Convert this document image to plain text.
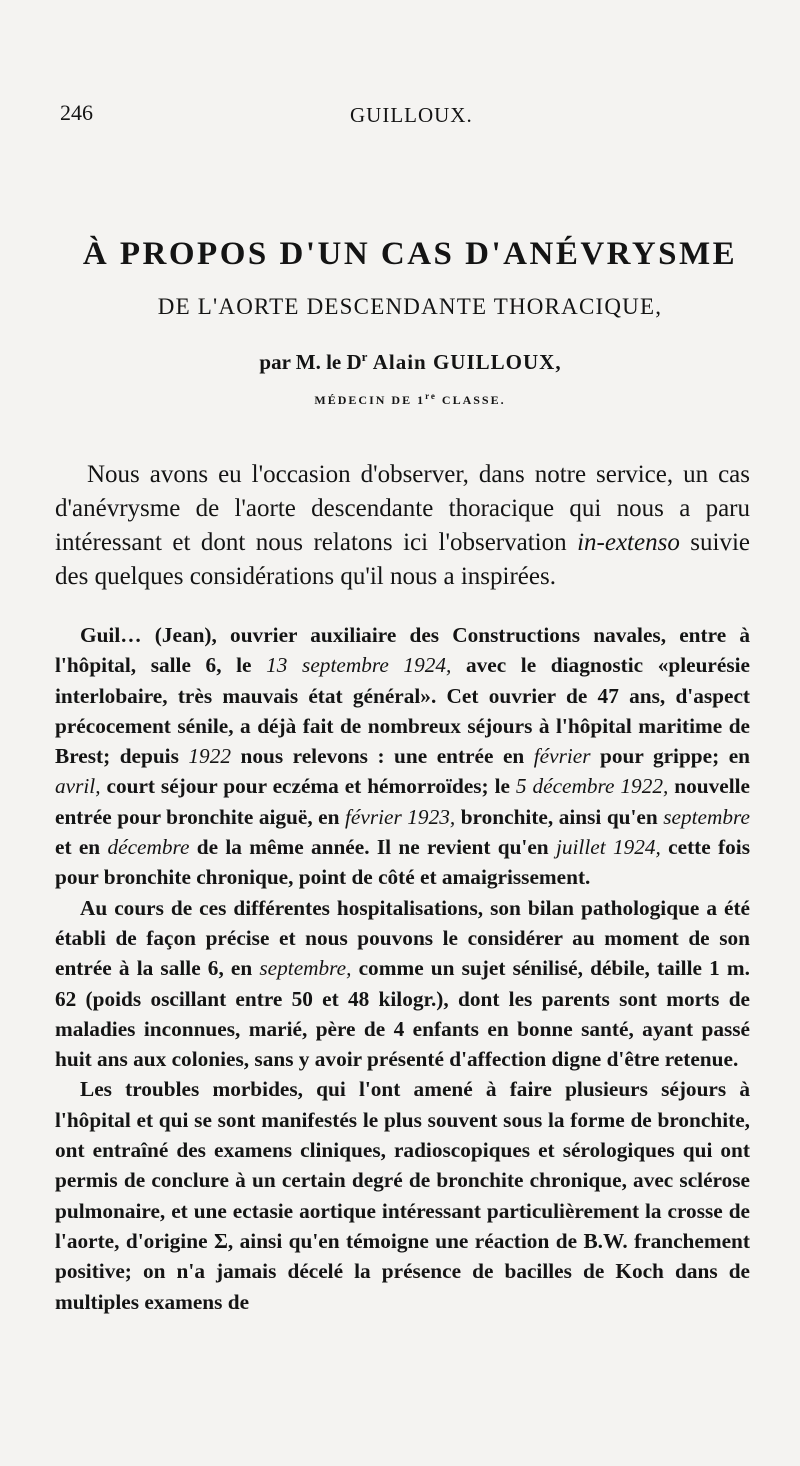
246	GUILLOUX.
À PROPOS D'UN CAS D'ANÉVRYSME
DE L'AORTE DESCENDANTE THORACIQUE,
par M. le $D^r$ Alain GUILLOUX,
MÉDECIN DE 1re CLASSE.

Nous avons eu l'occasion d'observer, dans notre service, un cas d'anévrysme de l'aorte descendante thoracique qui nous a paru intéressant et dont nous relatons ici l'observation in-extenso suivie des quelques considérations qu'il nous a inspirées.

Guil… (Jean), ouvrier auxiliaire des Constructions navales, entre à l'hôpital, salle 6, le 13 septembre 1924, avec le diagnostic «pleurésie interlobaire, très mauvais état général». Cet ouvrier de 47 ans, d'aspect précocement sénile, a déjà fait de nombreux séjours à l'hôpital maritime de Brest; depuis 1922 nous relevons : une entrée en février pour grippe; en avril, court séjour pour eczéma et hémorroïdes; le 5 décembre 1922, nouvelle entrée pour bronchite aiguë, en février 1923, bronchite, ainsi qu'en septembre et en décembre de la même année. Il ne revient qu'en juillet 1924, cette fois pour bronchite chronique, point de côté et amaigrissement.

Au cours de ces différentes hospitalisations, son bilan pathologique a été établi de façon précise et nous pouvons le considérer au moment de son entrée à la salle 6, en septembre, comme un sujet sénilisé, débile, taille 1 m. 62 (poids oscillant entre 50 et 48 kilogr.), dont les parents sont morts de maladies inconnues, marié, père de 4 enfants en bonne santé, ayant passé huit ans aux colonies, sans y avoir présenté d'affection digne d'être retenue.

Les troubles morbides, qui l'ont amené à faire plusieurs séjours à l'hôpital et qui se sont manifestés le plus souvent sous la forme de bronchite, ont entraîné des examens cliniques, radioscopiques et sérologiques qui ont permis de conclure à un certain degré de bronchite chronique, avec sclérose pulmonaire, et une ectasie aortique intéressant particulièrement la crosse de l'aorte, d'origine Σ, ainsi qu'en témoigne une réaction de B.W. franchement positive; on n'a jamais décelé la présence de bacilles de Koch dans de multiples examens de
